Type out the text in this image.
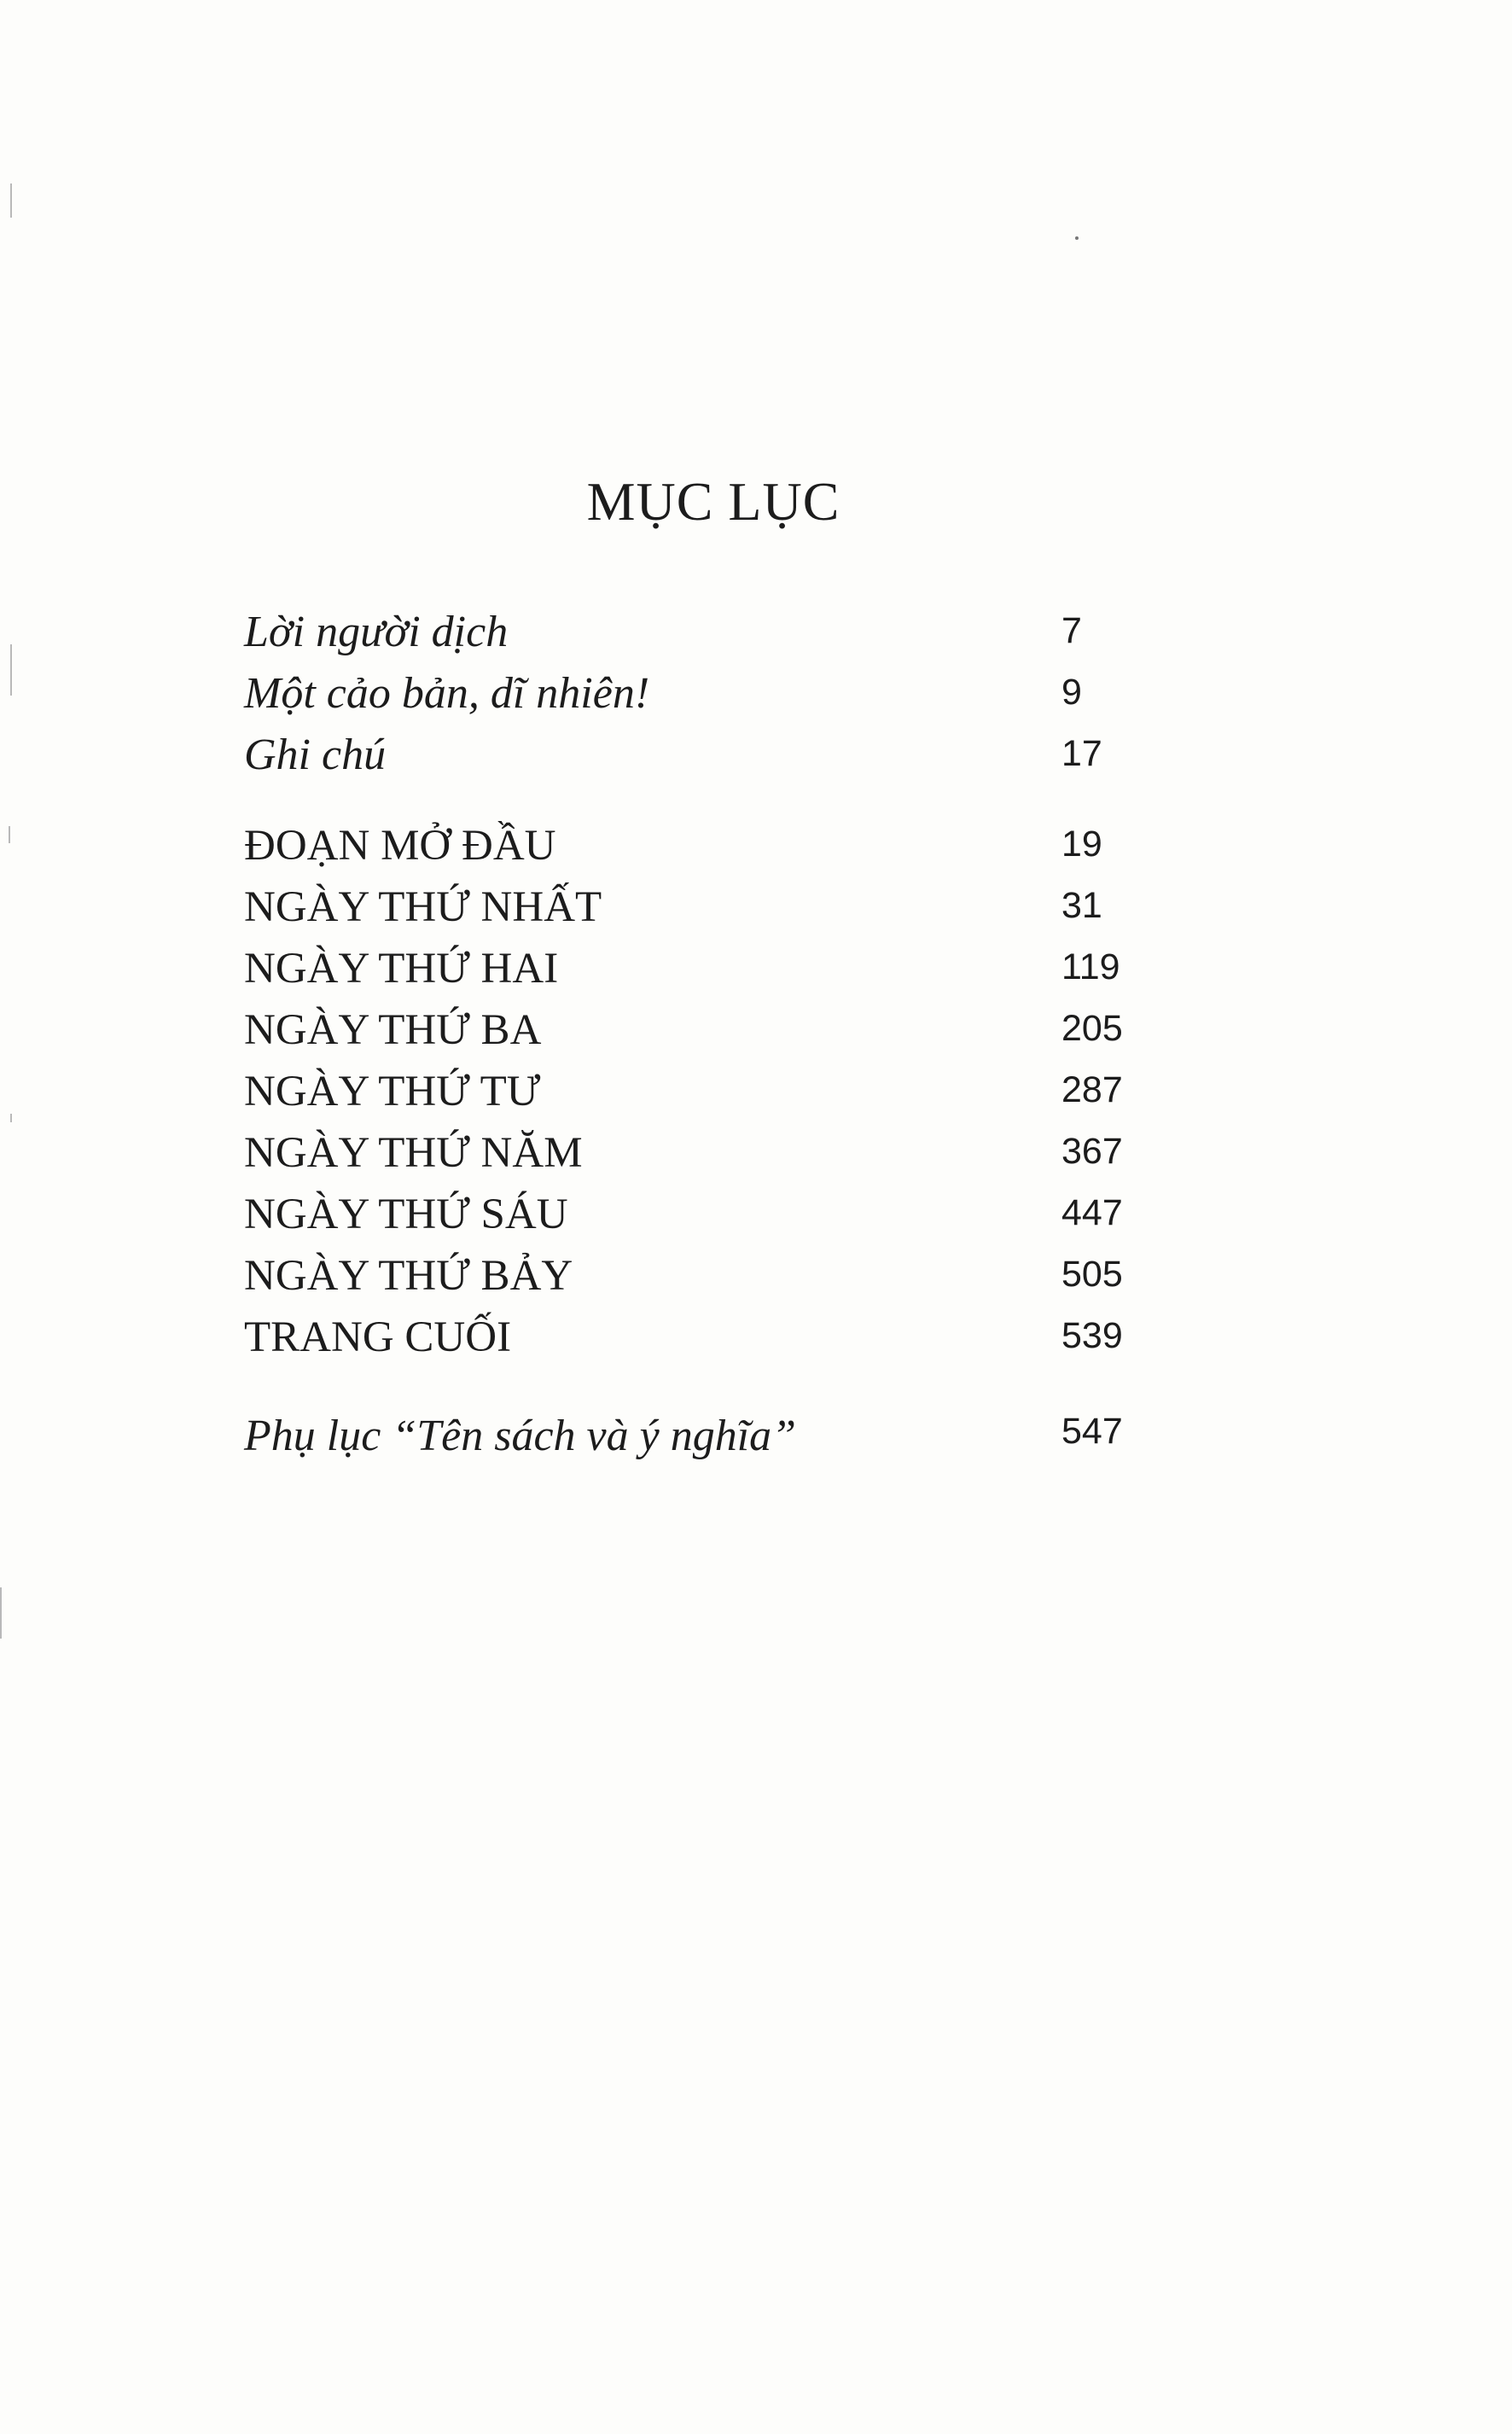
MỤC LỤC
Lời người dịch	7
Một cảo bản, dĩ nhiên!	9
Ghi chú	17
ĐOẠN MỞ ĐẦU	19
NGÀY THỨ NHẤT	31
NGÀY THỨ HAI	119
NGÀY THỨ BA	205
NGÀY THỨ TƯ	287
NGÀY THỨ NĂM	367
NGÀY THỨ SÁU	447
NGÀY THỨ BẢY	505
TRANG CUỐI	539
Phụ lục “Tên sách và ý nghĩa”	547
